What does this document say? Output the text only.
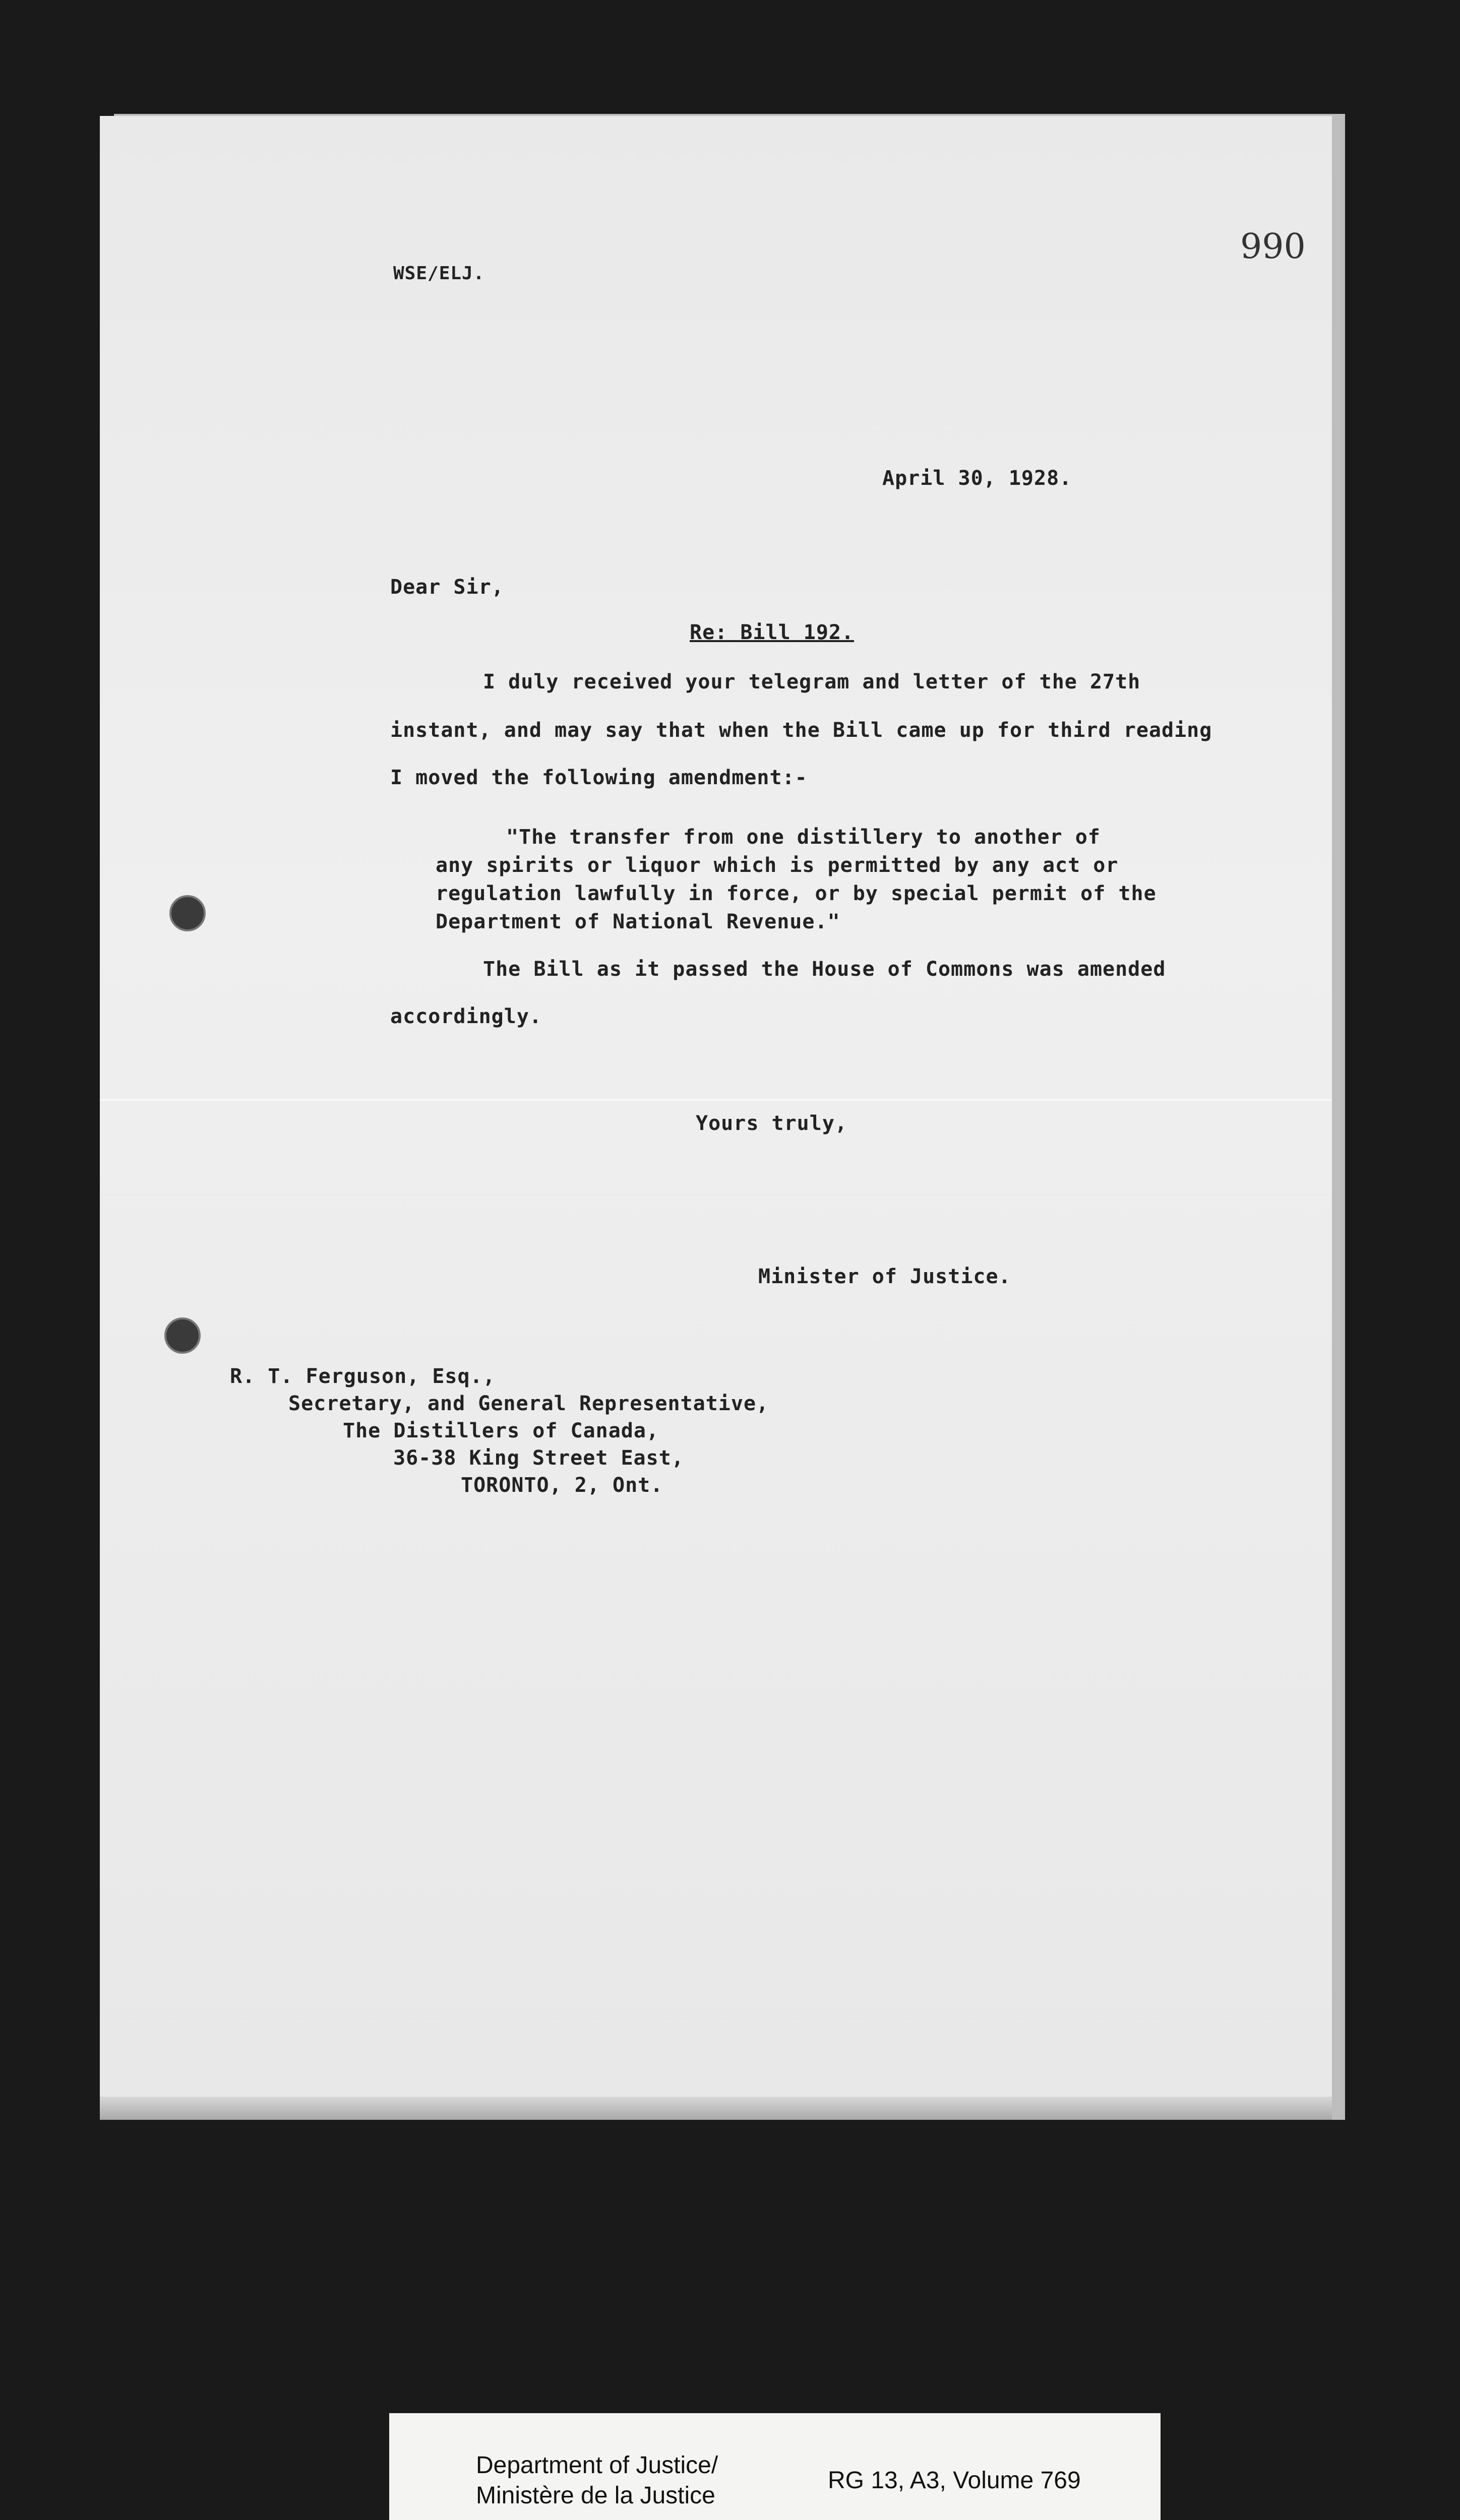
990
WSE/ELJ.
April 30, 1928.
Dear Sir,
Re: Bill 192.
I duly received your telegram and letter of the 27th
instant, and may say that when the Bill came up for third reading
I moved the following amendment:-
"The transfer from one distillery to another of
any spirits or liquor which is permitted by any act or
regulation lawfully in force, or by special permit of the
Department of National Revenue."
The Bill as it passed the House of Commons was amended
accordingly.
Yours truly,
Minister of Justice.
R. T. Ferguson, Esq.,
Secretary, and General Representative,
The Distillers of Canada,
36-38 King Street East,
TORONTO, 2, Ont.
Department of Justice/
Ministère de la Justice
RG 13, A3, Volume 769
